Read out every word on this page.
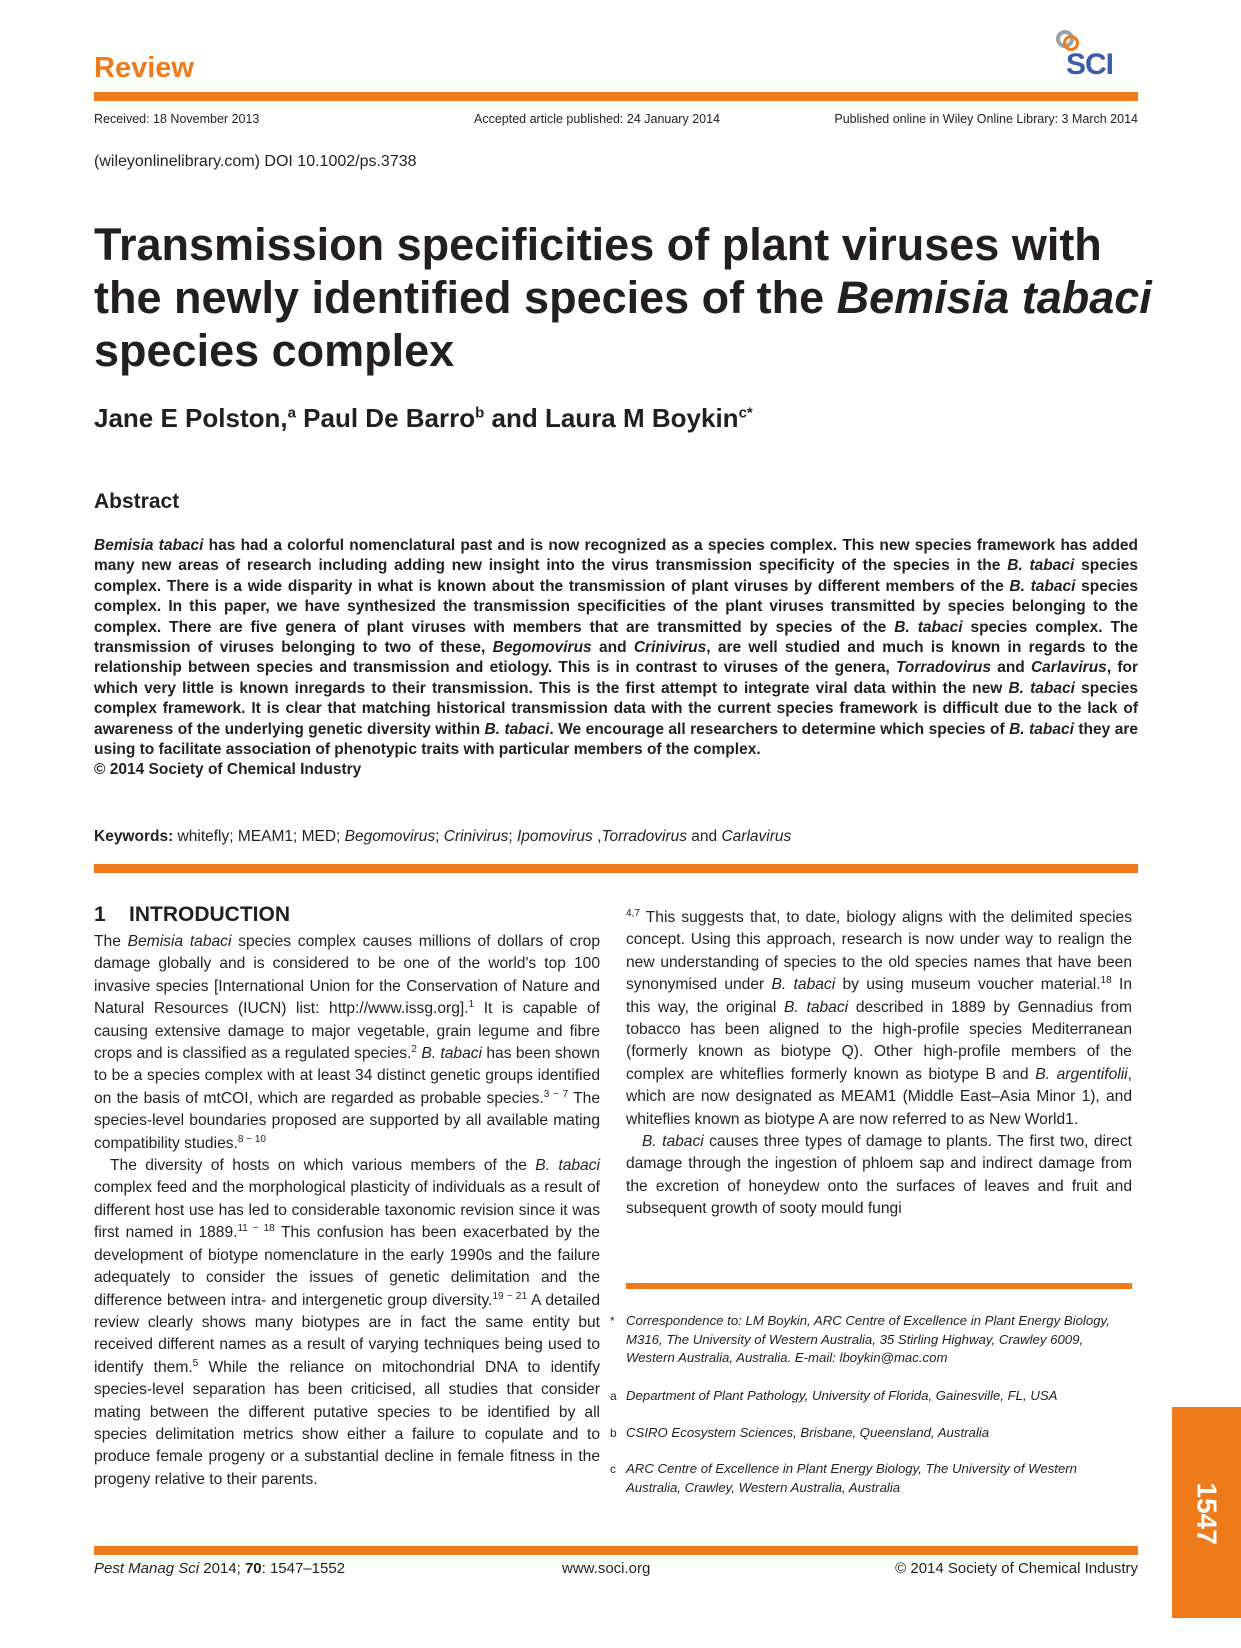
Review	SCI
Received: 18 November 2013	Accepted article published: 24 January 2014	Published online in Wiley Online Library: 3 March 2014
(wileyonlinelibrary.com) DOI 10.1002/ps.3738
Transmission specificities of plant viruses with the newly identified species of the Bemisia tabaci species complex
Jane E Polston,$^a$ Paul De Barro$^b$ and Laura M Boykin$^{c*}$
Abstract
Bemisia tabaci has had a colorful nomenclatural past and is now recognized as a species complex. This new species framework has added many new areas of research including adding new insight into the virus transmission specificity of the species in the B. tabaci species complex. There is a wide disparity in what is known about the transmission of plant viruses by different members of the B. tabaci species complex. In this paper, we have synthesized the transmission specificities of the plant viruses transmitted by species belonging to the complex. There are five genera of plant viruses with members that are transmitted by species of the B. tabaci species complex. The transmission of viruses belonging to two of these, Begomovirus and Crinivirus, are well studied and much is known in regards to the relationship between species and transmission and etiology. This is in contrast to viruses of the genera, Torradovirus and Carlavirus, for which very little is known inregards to their transmission. This is the first attempt to integrate viral data within the new B. tabaci species complex framework. It is clear that matching historical transmission data with the current species framework is difficult due to the lack of awareness of the underlying genetic diversity within B. tabaci. We encourage all researchers to determine which species of B. tabaci they are using to facilitate association of phenotypic traits with particular members of the complex.
© 2014 Society of Chemical Industry
Keywords: whitefly; MEAM1; MED; Begomovirus; Crinivirus; Ipomovirus ,Torradovirus and Carlavirus
1    INTRODUCTION

The Bemisia tabaci species complex causes millions of dollars of crop damage globally and is considered to be one of the world's top 100 invasive species [International Union for the Conservation of Nature and Natural Resources (IUCN) list: http://www.issg.org].$^1$ It is capable of causing extensive damage to major vegetable, grain legume and fibre crops and is classified as a regulated species.$^2$ B. tabaci has been shown to be a species complex with at least 34 distinct genetic groups identified on the basis of mtCOI, which are regarded as probable species.$^{3 - 7}$ The species-level boundaries proposed are supported by all available mating compatibility studies.$^{8 - 10}$

The diversity of hosts on which various members of the B. tabaci complex feed and the morphological plasticity of individuals as a result of different host use has led to considerable taxonomic revision since it was first named in 1889.$^{11 - 18}$ This confusion has been exacerbated by the development of biotype nomenclature in the early 1990s and the failure adequately to consider the issues of genetic delimitation and the difference between intra- and intergenetic group diversity.$^{19 - 21}$ A detailed review clearly shows many biotypes are in fact the same entity but received different names as a result of varying techniques being used to identify them.$^5$ While the reliance on mitochondrial DNA to identify species-level separation has been criticised, all studies that consider mating between the different putative species to be identified by all species delimitation metrics show either a failure to copulate and to produce female progeny or a substantial decline in female fitness in the progeny relative to their parents.

$^{4,7}$ This suggests that, to date, biology aligns with the delimited species concept. Using this approach, research is now under way to realign the new understanding of species to the old species names that have been synonymised under B. tabaci by using museum voucher material.$^{18}$ In this way, the original B. tabaci described in 1889 by Gennadius from tobacco has been aligned to the high-profile species Mediterranean (formerly known as biotype Q). Other high-profile members of the complex are whiteflies formerly known as biotype B and B. argentifolii, which are now designated as MEAM1 (Middle East–Asia Minor 1), and whiteflies known as biotype A are now referred to as New World1.

B. tabaci causes three types of damage to plants. The first two, direct damage through the ingestion of phloem sap and indirect damage from the excretion of honeydew onto the surfaces of leaves and fruit and subsequent growth of sooty mould fungi

* Correspondence to: LM Boykin, ARC Centre of Excellence in Plant Energy Biology, M316, The University of Western Australia, 35 Stirling Highway, Crawley 6009, Western Australia, Australia. E-mail: lboykin@mac.com
a Department of Plant Pathology, University of Florida, Gainesville, FL, USA
b CSIRO Ecosystem Sciences, Brisbane, Queensland, Australia
c ARC Centre of Excellence in Plant Energy Biology, The University of Western Australia, Crawley, Western Australia, Australia	1547
Pest Manag Sci 2014; 70: 1547–1552	www.soci.org	© 2014 Society of Chemical Industry
